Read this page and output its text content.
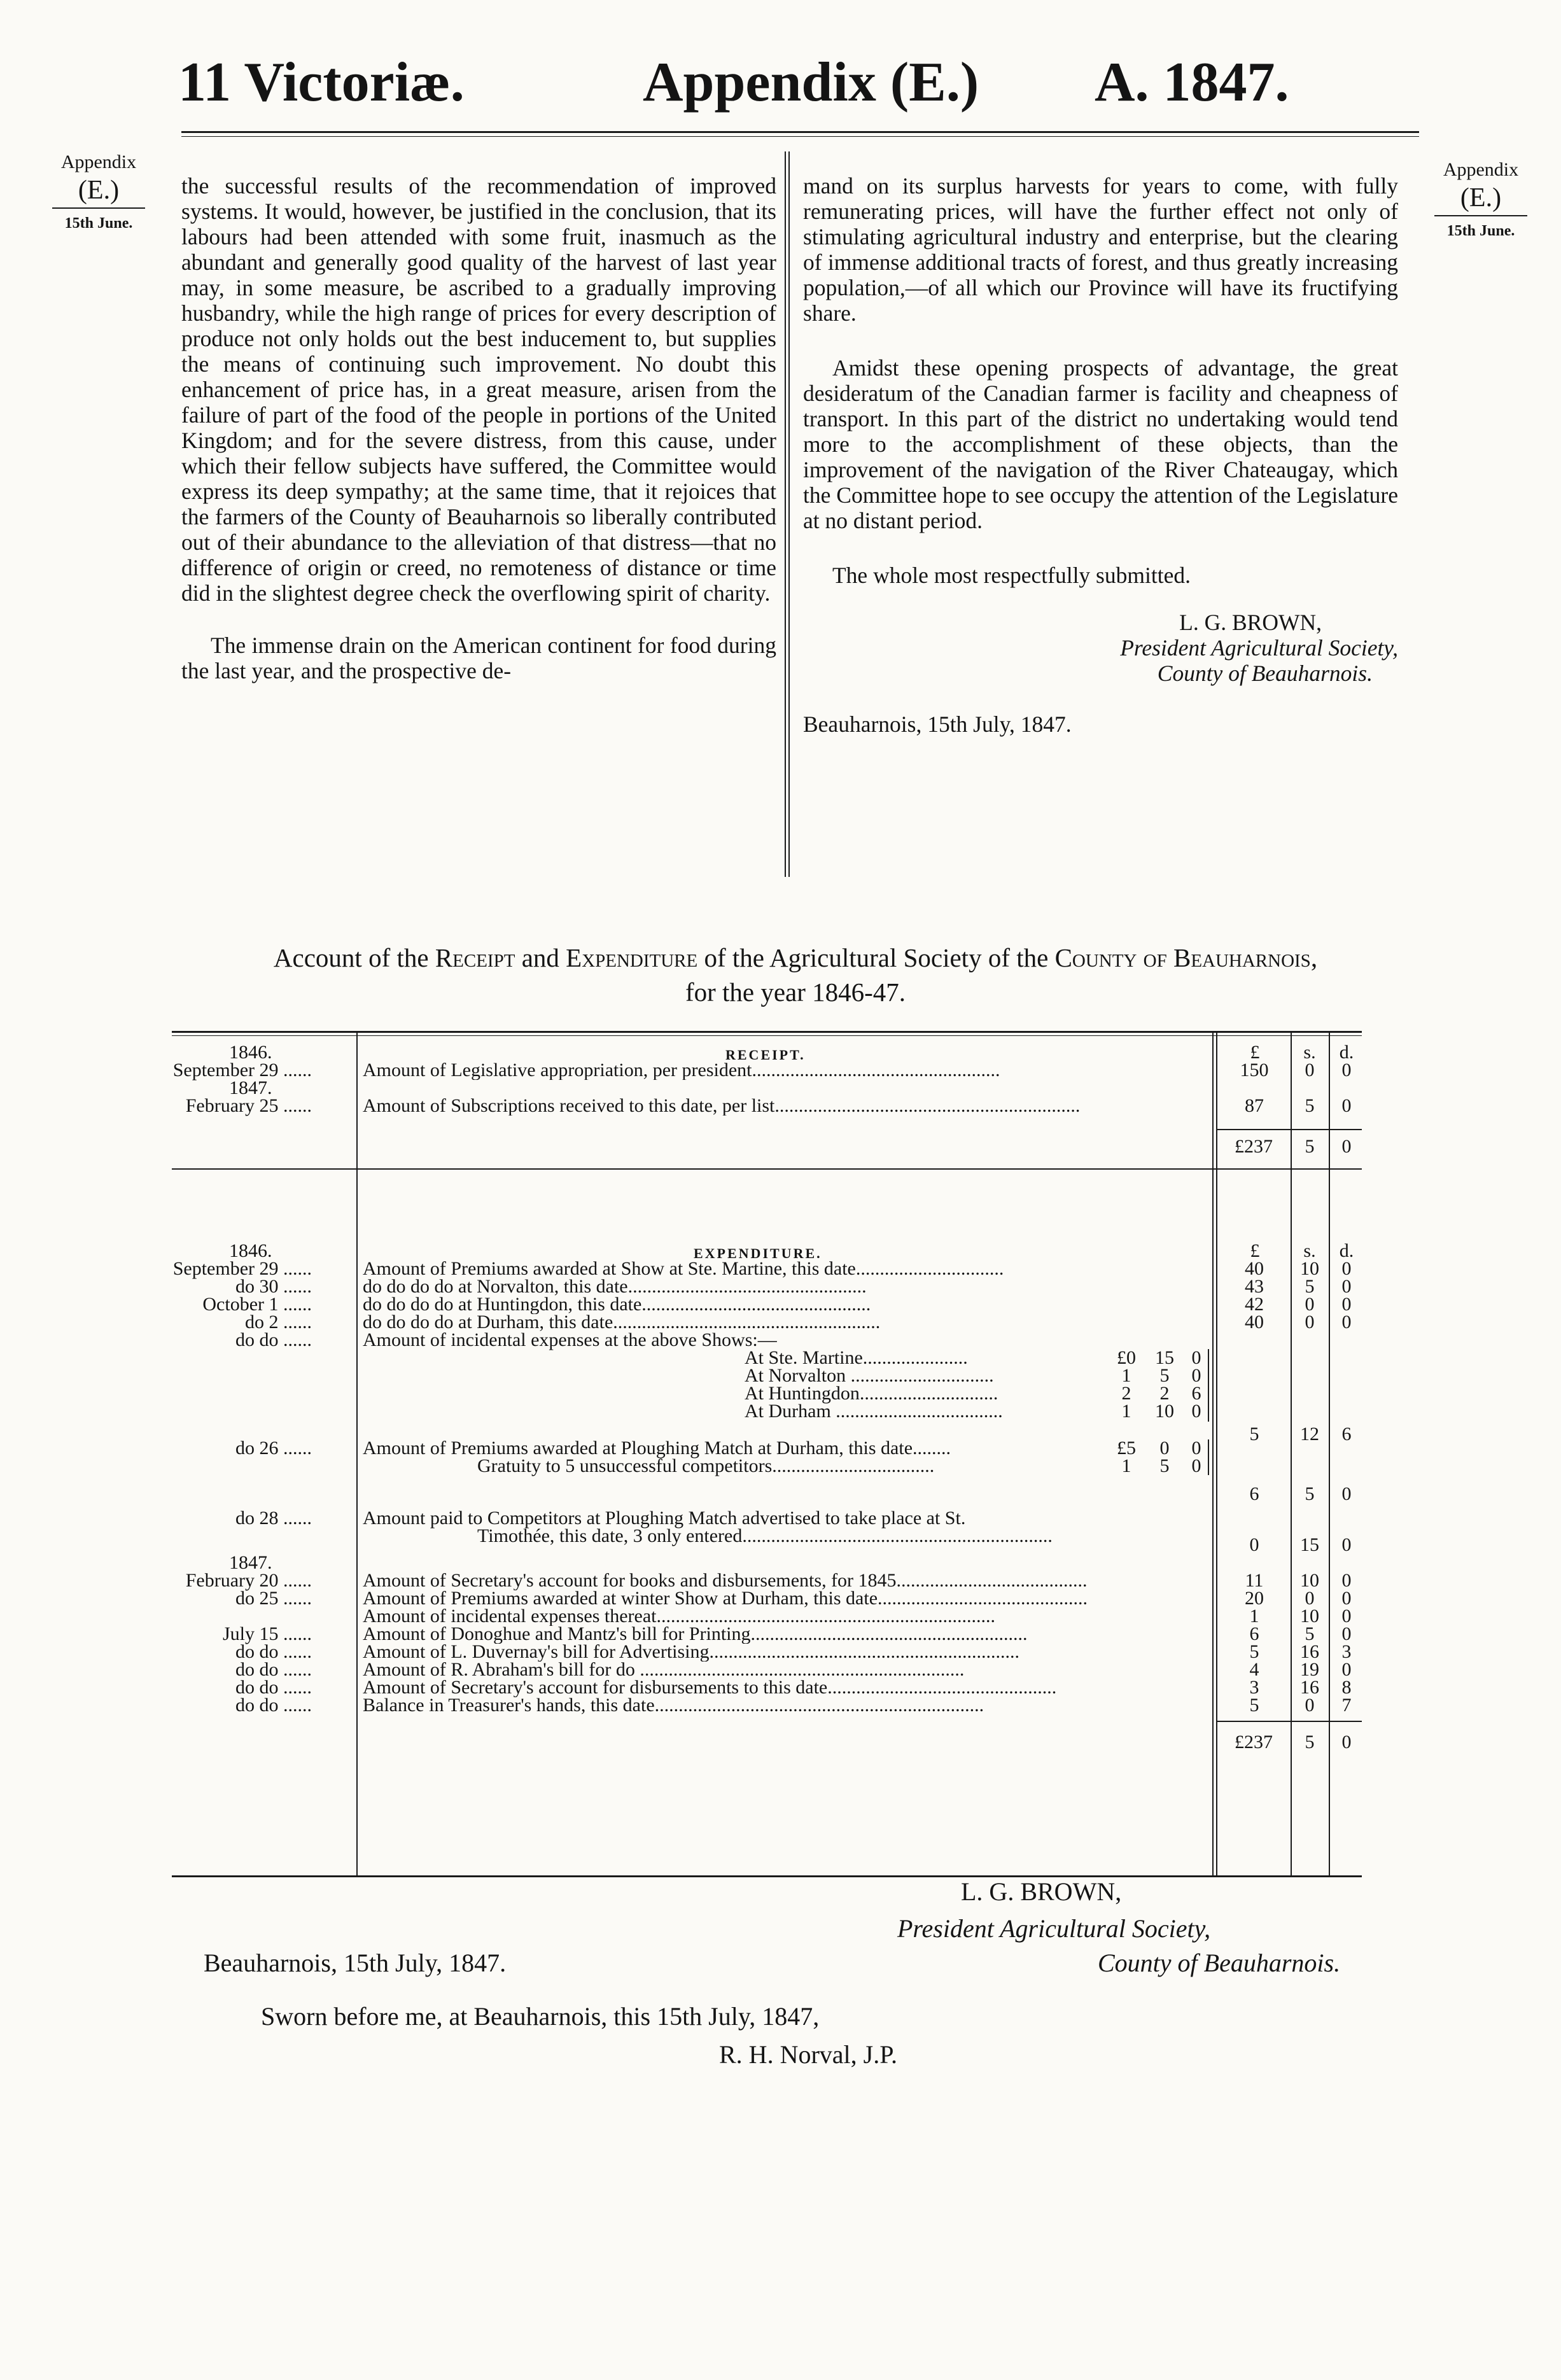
11 Victoriæ.	Appendix (E.) A. 1847.
Appendix
(E.)
15th June.
Appendix
(E.)
15th June.

the successful results of the recommendation of improved systems. It would, however, be justified in the conclusion, that its labours had been attended with some fruit, inasmuch as the abundant and generally good quality of the harvest of last year may, in some measure, be ascribed to a gradually improving husbandry, while the high range of prices for every description of produce not only holds out the best inducement to, but supplies the means of continuing such improvement. No doubt this enhancement of price has, in a great measure, arisen from the failure of part of the food of the people in portions of the United Kingdom; and for the severe distress, from this cause, under which their fellow subjects have suffered, the Committee would express its deep sympathy; at the same time, that it rejoices that the farmers of the County of Beauharnois so liberally contributed out of their abundance to the alleviation of that distress—that no difference of origin or creed, no remoteness of distance or time did in the slightest degree check the overflowing spirit of charity.

The immense drain on the American continent for food during the last year, and the prospective de-

mand on its surplus harvests for years to come, with fully remunerating prices, will have the further effect not only of stimulating agricultural industry and enterprise, but the clearing of immense additional tracts of forest, and thus greatly increasing population,—of all which our Province will have its fructifying share.

Amidst these opening prospects of advantage, the great desideratum of the Canadian farmer is facility and cheapness of transport. In this part of the district no undertaking would tend more to the accomplishment of these objects, than the improvement of the navigation of the River Chateaugay, which the Committee hope to see occupy the attention of the Legislature at no distant period.

The whole most respectfully submitted.

L. G. BROWN,
President Agricultural Society,
County of Beauharnois.
Beauharnois, 15th July, 1847.
Account of the Receipt and Expenditure of the Agricultural Society of the County of Beauharnois,
for the year 1846-47.
1846.	RECEIPT.	£	s.	d.
September 29 ......	Amount of Legislative appropriation, per president....................................................	150	0	0
1847.
February 25 ......	Amount of Subscriptions received to this date, per list................................................................	87	5	0
£237	5	0
1846.	EXPENDITURE.	£	s.	d.
September 29 ......	Amount of Premiums awarded at Show at Ste. Martine, this date...............................	40	10	0
do 30 ......	do do do do at Norvalton, this date..................................................	43	5	0
October 1 ......	do do do do at Huntingdon, this date................................................	42	0	0
do 2 ......	do do do do at Durham, this date........................................................	40	0	0
do do ......	Amount of incidental expenses at the above Shows:—
At Ste. Martine......................	£0	15 0
At Norvalton ..............................	1	5	0
At Huntingdon.............................	2	2	6
At Durham ...................................	1	10 0
5	12	6
do 26 ......	Amount of Premiums awarded at Ploughing Match at Durham, this date........	£5	0	0
Gratuity to 5 unsuccessful competitors..................................	1	5	0
6	5	0
do 28 ......	Amount paid to Competitors at Ploughing Match advertised to take place at St.
Timothée, this date, 3 only entered.................................................................	0	15	0
1847.
February 20 ......	Amount of Secretary's account for books and disbursements, for 1845........................................	11	10	0
do 25 ......	Amount of Premiums awarded at winter Show at Durham, this date............................................	20	0	0
Amount of incidental expenses thereat.......................................................................	1	10	0
July 15 ......	Amount of Donoghue and Mantz's bill for Printing..........................................................	6	5	0
do do ......	Amount of L. Duvernay's bill for Advertising.................................................................	5	16	3
do do ......	Amount of R. Abraham's bill for do ....................................................................	4	19	0
do do ......	Amount of Secretary's account for disbursements to this date................................................	3	16	8
do do ......	Balance in Treasurer's hands, this date.....................................................................	5	0	7
£237	5	0
L. G. BROWN,
President Agricultural Society,
County of Beauharnois.
Beauharnois, 15th July, 1847.
Sworn before me, at Beauharnois, this 15th July, 1847,
R. H. Norval, J.P.
